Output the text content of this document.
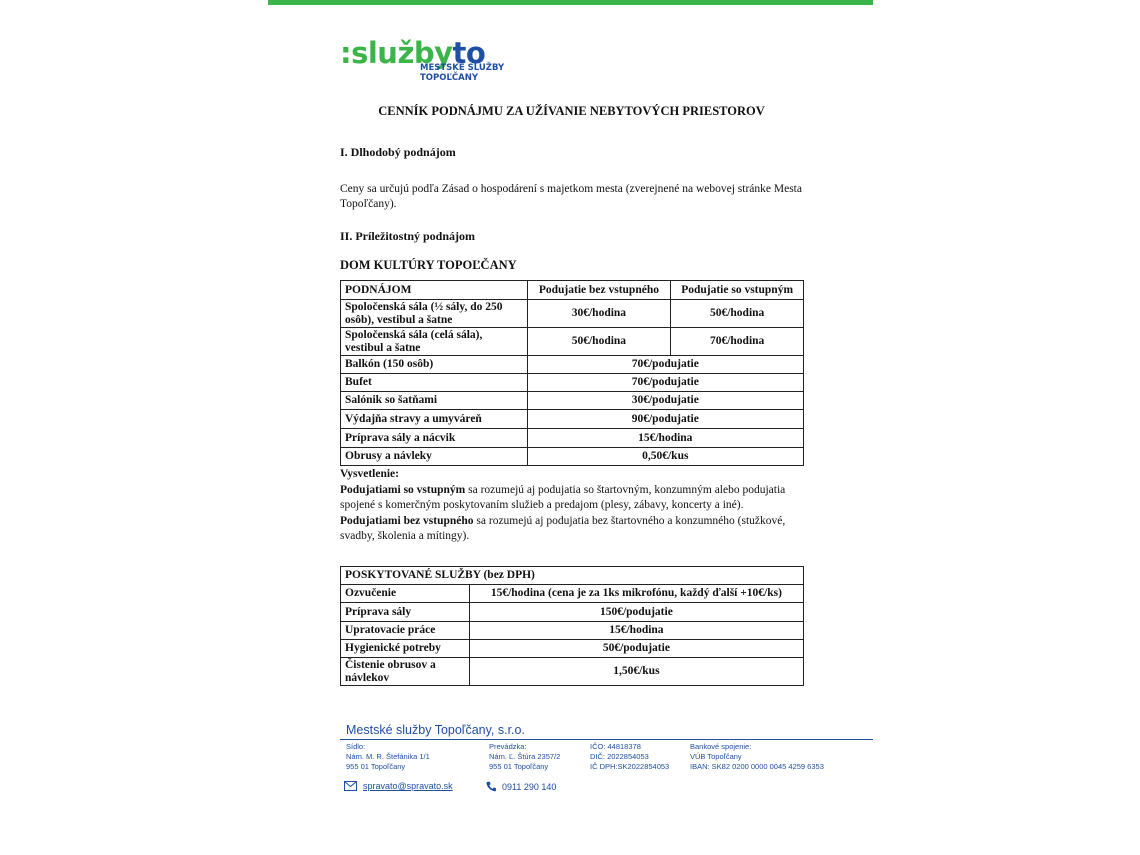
:službyto
MESTSKÉ SLUŽBY
TOPOĽČANY
CENNÍK PODNÁJMU ZA UŽÍVANIE NEBYTOVÝCH PRIESTOROV
I. Dlhodobý podnájom
Ceny sa určujú podľa Zásad o hospodárení s majetkom mesta (zverejnené na webovej stránke Mesta Topoľčany).
II. Príležitostný podnájom
DOM KULTÚRY TOPOĽČANY
PODNÁJOM	Podujatie bez vstupného	Podujatie so vstupným
Spoločenská sála (½ sály, do 250 osôb), vestibul a šatne	30€/hodina	50€/hodina
Spoločenská sála (celá sála), vestibul a šatne	50€/hodina	70€/hodina
Balkón (150 osôb)	70€/podujatie	
Bufet	70€/podujatie	
Salónik so šatňami	30€/podujatie	
Výdajňa stravy a umyváreň	90€/podujatie	
Príprava sály a nácvik	15€/hodina	
Obrusy a návleky	0,50€/kus	
Vysvetlenie:
Podujatiami so vstupným sa rozumejú aj podujatia so štartovným, konzumným alebo podujatia spojené s komerčným poskytovaním služieb a predajom (plesy, zábavy, koncerty a iné).
Podujatiami bez vstupného sa rozumejú aj podujatia bez štartovného a konzumného (stužkové, svadby, školenia a mítingy).
POSKYTOVANÉ SLUŽBY (bez DPH)	
Ozvučenie	15€/hodina (cena je za 1ks mikrofónu, každý ďalší +10€/ks)
Príprava sály	150€/podujatie
Upratovacie práce	15€/hodina
Hygienické potreby	50€/podujatie
Čistenie obrusov a návlekov	1,50€/kus
Mestské služby Topoľčany, s.r.o.
Sídlo:
Nám. M. R. Štefánika 1/1
955 01 Topoľčany
Prevádzka:
Nám. Ľ. Štúra 2357/2
955 01 Topoľčany
IČO: 44818378
DIČ: 2022854053
IČ DPH:SK2022854053
Bankové spojenie:
VÚB Topoľčany
IBAN: SK82 0200 0000 0045 4259 6353
spravato@spravato.sk	0911 290 140
